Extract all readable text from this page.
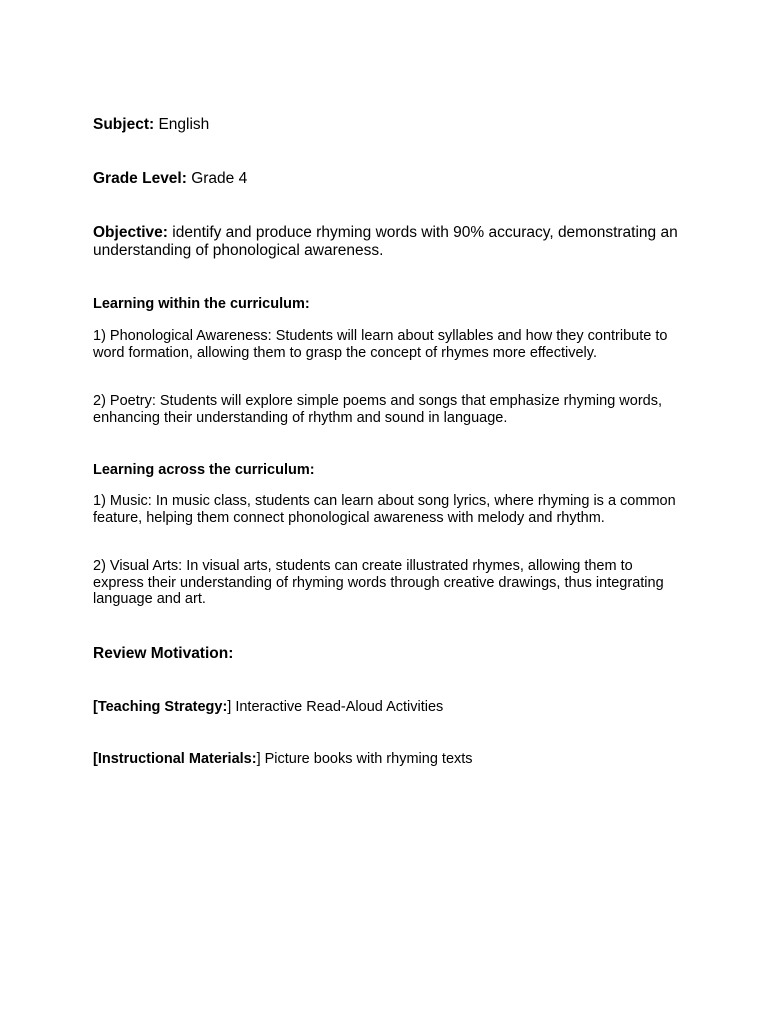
Subject: English

Grade Level: Grade 4

Objective: identify and produce rhyming words with 90% accuracy, demonstrating an understanding of phonological awareness.

Learning within the curriculum:

1) Phonological Awareness: Students will learn about syllables and how they contribute to word formation, allowing them to grasp the concept of rhymes more effectively.

2) Poetry: Students will explore simple poems and songs that emphasize rhyming words, enhancing their understanding of rhythm and sound in language.

Learning across the curriculum:

1) Music: In music class, students can learn about song lyrics, where rhyming is a common feature, helping them connect phonological awareness with melody and rhythm.

2) Visual Arts: In visual arts, students can create illustrated rhymes, allowing them to express their understanding of rhyming words through creative drawings, thus integrating language and art.

Review Motivation:

[Teaching Strategy:] Interactive Read-Aloud Activities

[Instructional Materials:] Picture books with rhyming texts
